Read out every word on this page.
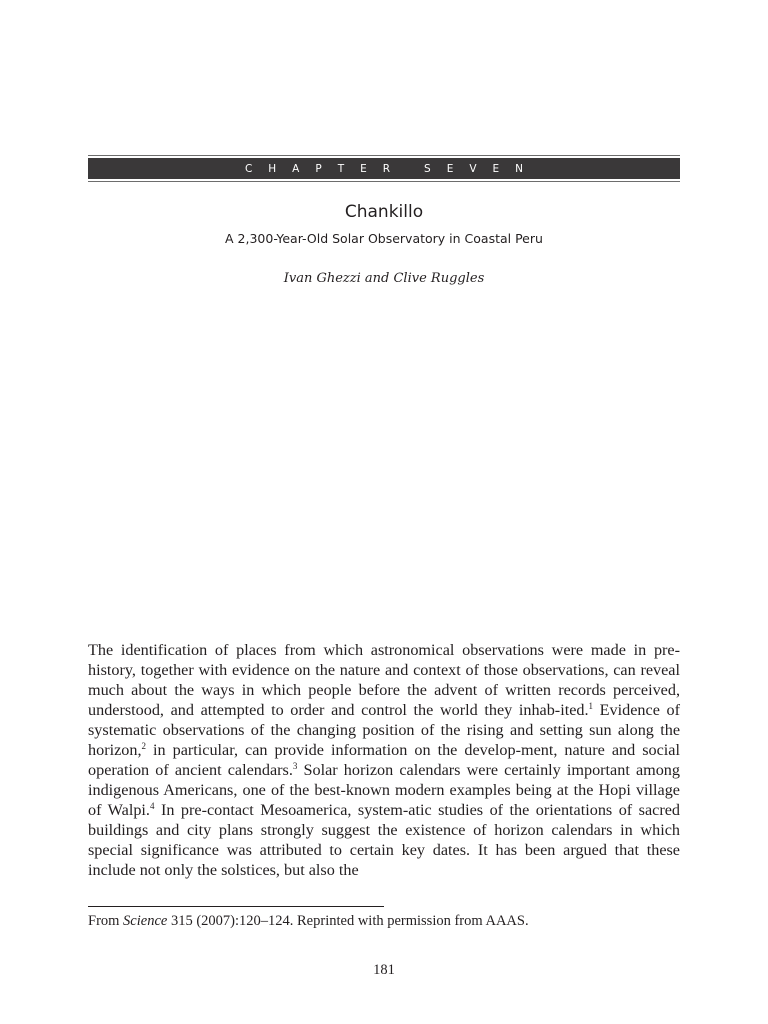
CHAPTER SEVEN
Chankillo
A 2,300-Year-Old Solar Observatory in Coastal Peru
Ivan Ghezzi and Clive Ruggles

The identification of places from which astronomical observations were made in pre-history, together with evidence on the nature and context of those observations, can reveal much about the ways in which people before the advent of written records perceived, understood, and attempted to order and control the world they inhab-ited.$^1$ Evidence of systematic observations of the changing position of the rising and setting sun along the horizon,$^2$ in particular, can provide information on the develop-ment, nature and social operation of ancient calendars.$^3$ Solar horizon calendars were certainly important among indigenous Americans, one of the best-known modern examples being at the Hopi village of Walpi.$^4$ In pre-contact Mesoamerica, system-atic studies of the orientations of sacred buildings and city plans strongly suggest the existence of horizon calendars in which special significance was attributed to certain key dates. It has been argued that these include not only the solstices, but also the

From Science 315 (2007):120–124. Reprinted with permission from AAAS.

181
